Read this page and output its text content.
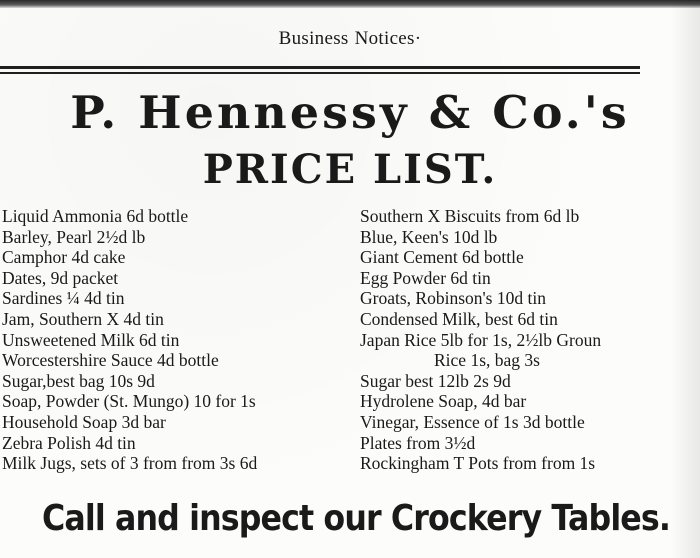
Business Notices·
P. Hennessy & Co.'s
PRICE LIST.
Liquid Ammonia 6d bottle
Barley, Pearl 2½d lb
Camphor 4d cake
Dates, 9d packet
Sardines ¼ 4d tin
Jam, Southern X 4d tin
Unsweetened Milk 6d tin
Worcestershire Sauce 4d bottle
Sugar,best bag 10s 9d
Soap, Powder (St. Mungo) 10 for 1s
Household Soap 3d bar
Zebra Polish 4d tin
Milk Jugs, sets of 3 from from 3s 6d
Southern X Biscuits from 6d lb
Blue, Keen's 10d lb
Giant Cement 6d bottle
Egg Powder 6d tin
Groats, Robinson's 10d tin
Condensed Milk, best 6d tin
Japan Rice 5lb for 1s, 2½lb Groun
Rice 1s, bag 3s
Sugar best 12lb 2s 9d
Hydrolene Soap, 4d bar
Vinegar, Essence of 1s 3d bottle
Plates from 3½d
Rockingham T Pots from from 1s
Call and inspect our Crockery Tables.
